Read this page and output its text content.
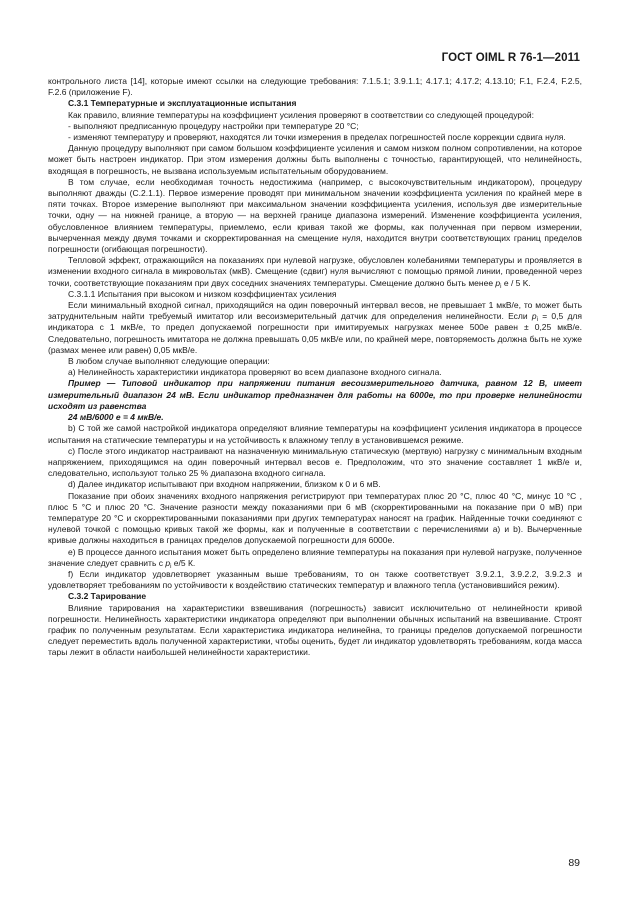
ГОСТ OIML R 76-1—2011

контрольного листа [14], которые имеют ссылки на следующие требования: 7.1.5.1; 3.9.1.1; 4.17.1; 4.17.2; 4.13.10; F.1, F.2.4, F.2.5, F.2.6 (приложение F).

С.3.1 Температурные и эксплуатационные испытания

Как правило, влияние температуры на коэффициент усиления проверяют в соответствии со следующей процедурой:

- выполняют предписанную процедуру настройки при температуре 20 °С;

- изменяют температуру и проверяют, находятся ли точки измерения в пределах погрешностей после коррекции сдвига нуля.

Данную процедуру выполняют при самом большом коэффициенте усиления и самом низком полном сопротивлении, на которое может быть настроен индикатор. При этом измерения должны быть выполнены с точностью, гарантирующей, что нелинейность, входящая в погрешность, не вызвана используемым испытательным оборудованием.

В том случае, если необходимая точность недостижима (например, с высокочувствительным индикатором), процедуру выполняют дважды (С.2.1.1). Первое измерение проводят при минимальном значении коэффициента усиления по крайней мере в пяти точках. Второе измерение выполняют при максимальном значении коэффициента усиления, используя две измерительные точки, одну — на нижней границе, а вторую — на верхней границе диапазона измерений. Изменение коэффициента усиления, обусловленное влиянием температуры, приемлемо, если кривая такой же формы, как полученная при первом измерении, вычерченная между двумя точками и скорректированная на смещение нуля, находится внутри соответствующих границ пределов погрешности (огибающая погрешности).

Тепловой эффект, отражающийся на показаниях при нулевой нагрузке, обусловлен колебаниями температуры и проявляется в изменении входного сигнала в микровольтах (мкВ). Смещение (сдвиг) нуля вычисляют с помощью прямой линии, проведенной через точки, соответствующие показаниям при двух соседних значениях температуры. Смещение должно быть менее $p_i$ e / 5 K.

С.3.1.1 Испытания при высоком и низком коэффициентах усиления

Если минимальный входной сигнал, приходящийся на один поверочный интервал весов, не превышает 1 мкВ/е, то может быть затруднительным найти требуемый имитатор или весоизмерительный датчик для определения нелинейности. Если $p_i = 0,5$ для индикатора с 1 мкВ/е, то предел допускаемой погрешности при имитируемых нагрузках менее 500е равен ± 0,25 мкВ/е. Следовательно, погрешность имитатора не должна превышать 0,05 мкВ/е или, по крайней мере, повторяемость должна быть не хуже (размах менее или равен) 0,05 мкВ/е.

В любом случае выполняют следующие операции:

а) Нелинейность характеристики индикатора проверяют во всем диапазоне входного сигнала.

Пример — Типовой индикатор при напряжении питания весоизмерительного датчика, равном 12 В, имеет измерительный диапазон 24 мВ. Если индикатор предназначен для работы на 6000е, то при проверке нелинейности исходят из равенства

24 мВ/6000 е = 4 мкВ/е.

b) С той же самой настройкой индикатора определяют влияние температуры на коэффициент усиления индикатора в процессе испытания на статические температуры и на устойчивость к влажному теплу в установившемся режиме.

с) После этого индикатор настраивают на назначенную минимальную статическую (мертвую) нагрузку с минимальным входным напряжением, приходящимся на один поверочный интервал весов е. Предположим, что это значение составляет 1 мкВ/е и, следовательно, используют только 25 % диапазона входного сигнала.

d) Далее индикатор испытывают при входном напряжении, близком к 0 и 6 мВ.

Показание при обоих значениях входного напряжения регистрируют при температурах плюс 20 °С, плюс 40 °С, минус 10 °С , плюс 5 °С и плюс 20 °С. Значение разности между показаниями при 6 мВ (скорректированными на показание при 0 мВ) при температуре 20 °С и скорректированными показаниями при других температурах наносят на график. Найденные точки соединяют с нулевой точкой с помощью кривых такой же формы, как и полученные в соответствии с перечислениями а) и b). Вычерченные кривые должны находиться в границах пределов допускаемой погрешности для 6000е.

е) В процессе данного испытания может быть определено влияние температуры на показания при нулевой нагрузке, полученное значение следует сравнить с $p_i$ е/5 К.

f) Если индикатор удовлетворяет указанным выше требованиям, то он также соответствует 3.9.2.1, 3.9.2.2, 3.9.2.3 и удовлетворяет требованиям по устойчивости к воздействию статических температур и влажного тепла (установившийся режим).

С.3.2 Тарирование

Влияние тарирования на характеристики взвешивания (погрешность) зависит исключительно от нелинейности кривой погрешности. Нелинейность характеристики индикатора определяют при выполнении обычных испытаний на взвешивание. Строят график по полученным результатам. Если характеристика индикатора нелинейна, то границы пределов допускаемой погрешности следует переместить вдоль полученной характеристики, чтобы оценить, будет ли индикатор удовлетворять требованиям, когда масса тары лежит в области наибольшей нелинейности характеристики.

89
